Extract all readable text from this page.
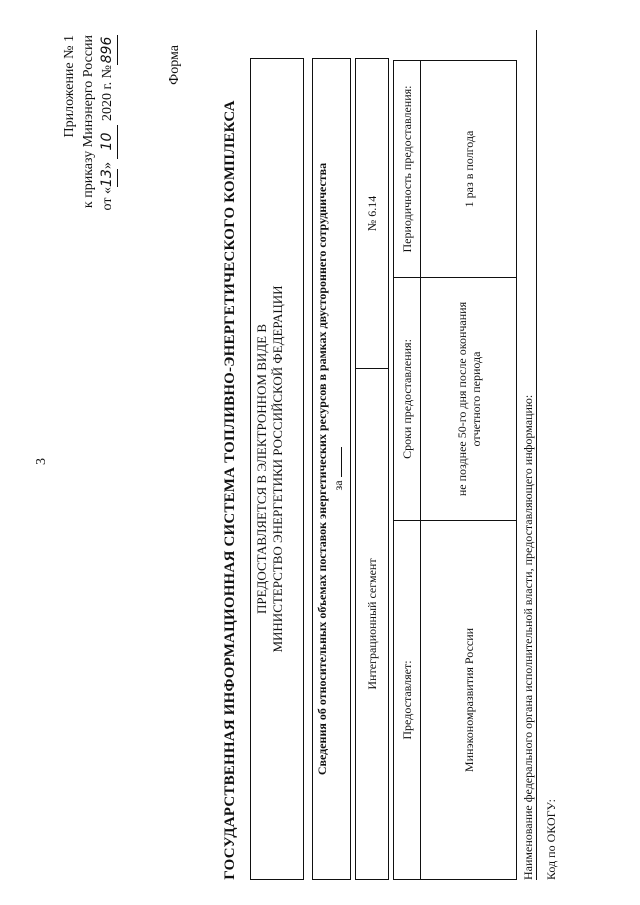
3
Приложение № 1 к приказу Минэнерго России от «13» 10 2020 г. №896	Форма
ГОСУДАРСТВЕННАЯ ИНФОРМАЦИОННАЯ СИСТЕМА ТОПЛИВНО-ЭНЕРГЕТИЧЕСКОГО КОМПЛЕКСА ПРЕДОСТАВЛЯЕТСЯ В ЭЛЕКТРОННОМ ВИДЕ В МИНИСТЕРСТВО ЭНЕРГЕТИКИ РОССИЙСКОЙ ФЕДЕРАЦИИ	Сведения об относительных объемах поставок энергетических ресурсов в рамках двустороннего сотрудничества за
Интеграционный сегмент
№ 6.14
Предоставляет:	Сроки предоставления:	Периодичность предоставления:
Минэкономразвития России	не позднее 50-го дня после окончания отчетного периода	1 раз в полгода
Наименование федерального органа исполнительной власти, предоставляющего информацию: Код по ОКОГУ:
